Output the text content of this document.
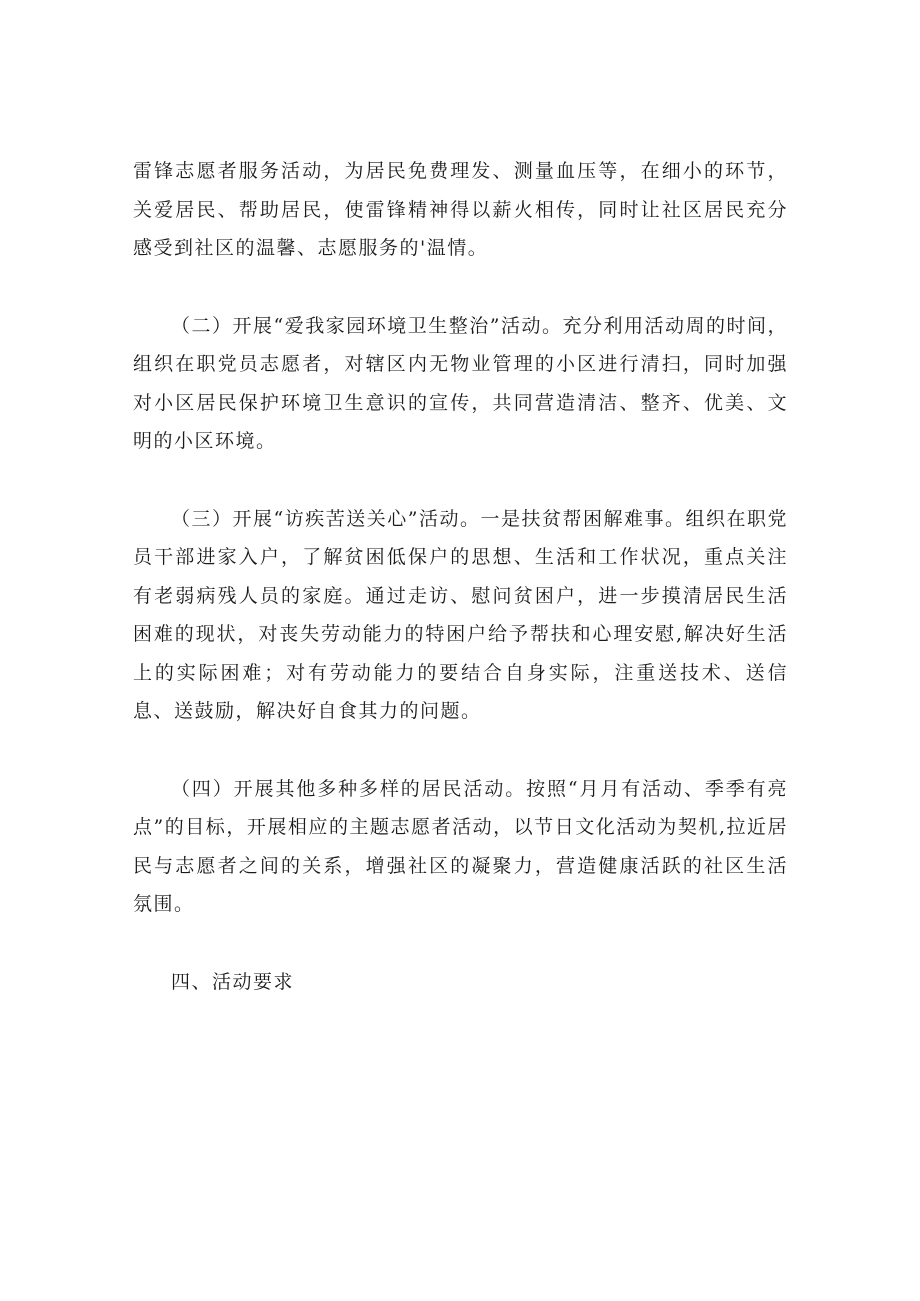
雷锋志愿者服务活动，为居民免费理发、测量血压等，在细小的环节，关爱居民、帮助居民，使雷锋精神得以薪火相传，同时让社区居民充分感受到社区的温馨、志愿服务的'温情。

（二）开展“爱我家园环境卫生整治”活动。充分利用活动周的时间，组织在职党员志愿者，对辖区内无物业管理的小区进行清扫，同时加强对小区居民保护环境卫生意识的宣传，共同营造清洁、整齐、优美、文明的小区环境。

（三）开展“访疾苦送关心”活动。一是扶贫帮困解难事。组织在职党员干部进家入户，了解贫困低保户的思想、生活和工作状况，重点关注有老弱病残人员的家庭。通过走访、慰问贫困户，进一步摸清居民生活困难的现状，对丧失劳动能力的特困户给予帮扶和心理安慰,解决好生活上的实际困难；对有劳动能力的要结合自身实际，注重送技术、送信息、送鼓励，解决好自食其力的问题。

（四）开展其他多种多样的居民活动。按照“月月有活动、季季有亮点”的目标，开展相应的主题志愿者活动，以节日文化活动为契机,拉近居民与志愿者之间的关系，增强社区的凝聚力，营造健康活跃的社区生活氛围。

四、活动要求
